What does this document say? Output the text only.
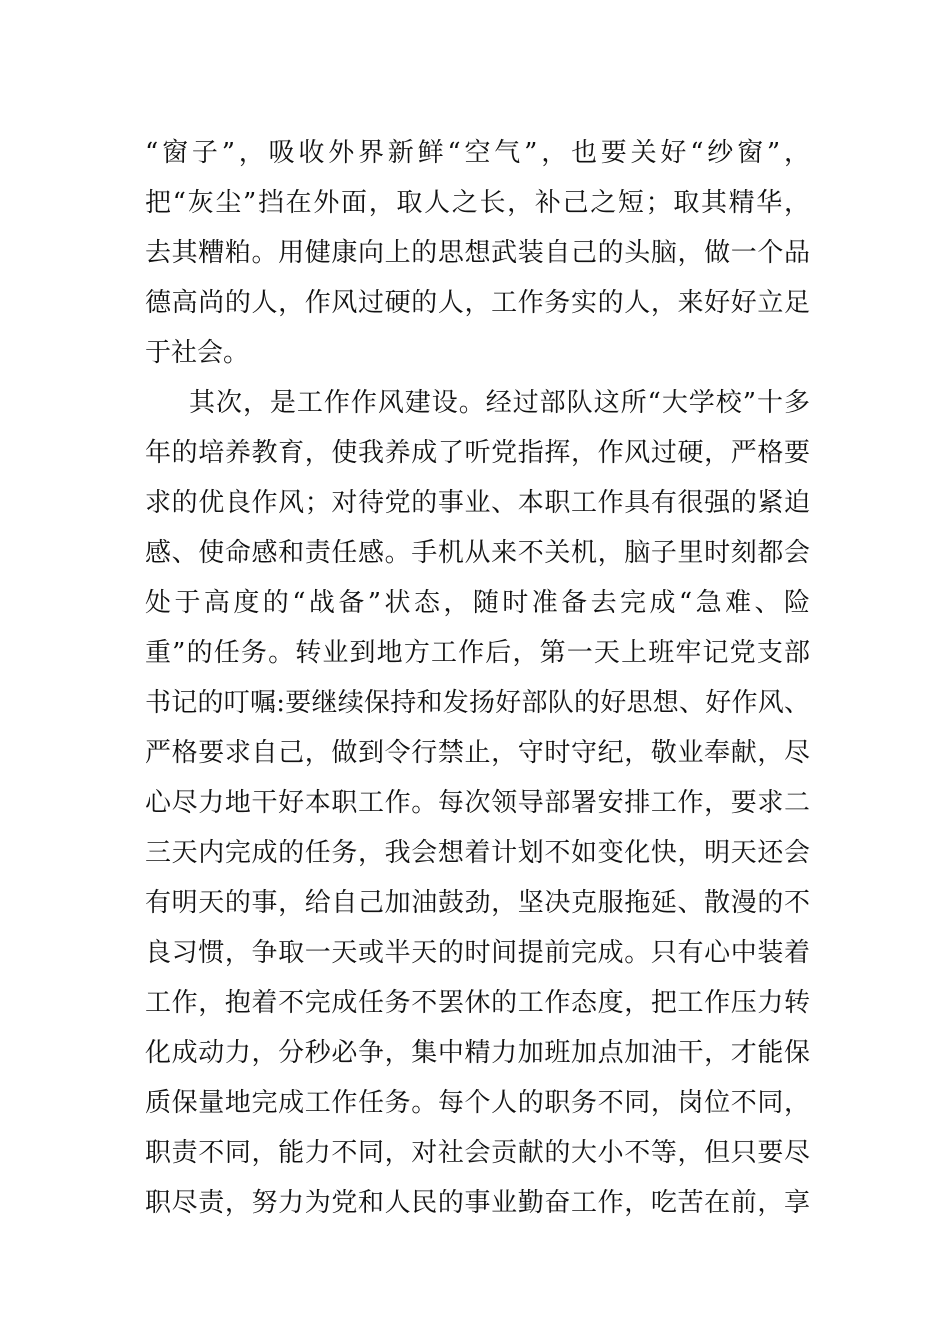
“窗子”，吸收外界新鲜“空气”，也要关好“纱窗”，
把“灰尘”挡在外面，取人之长，补己之短；取其精华，
去其糟粕。用健康向上的思想武装自己的头脑，做一个品
德高尚的人，作风过硬的人，工作务实的人，来好好立足
于社会。
其次，是工作作风建设。经过部队这所“大学校”十多
年的培养教育，使我养成了听党指挥，作风过硬，严格要
求的优良作风；对待党的事业、本职工作具有很强的紧迫
感、使命感和责任感。手机从来不关机，脑子里时刻都会
处于高度的“战备”状态，随时准备去完成“急难、险
重”的任务。转业到地方工作后，第一天上班牢记党支部
书记的叮嘱:要继续保持和发扬好部队的好思想、好作风、
严格要求自己，做到令行禁止，守时守纪，敬业奉献，尽
心尽力地干好本职工作。每次领导部署安排工作，要求二
三天内完成的任务，我会想着计划不如变化快，明天还会
有明天的事，给自己加油鼓劲，坚决克服拖延、散漫的不
良习惯，争取一天或半天的时间提前完成。只有心中装着
工作，抱着不完成任务不罢休的工作态度，把工作压力转
化成动力，分秒必争，集中精力加班加点加油干，才能保
质保量地完成工作任务。每个人的职务不同，岗位不同，
职责不同，能力不同，对社会贡献的大小不等，但只要尽
职尽责，努力为党和人民的事业勤奋工作，吃苦在前，享
